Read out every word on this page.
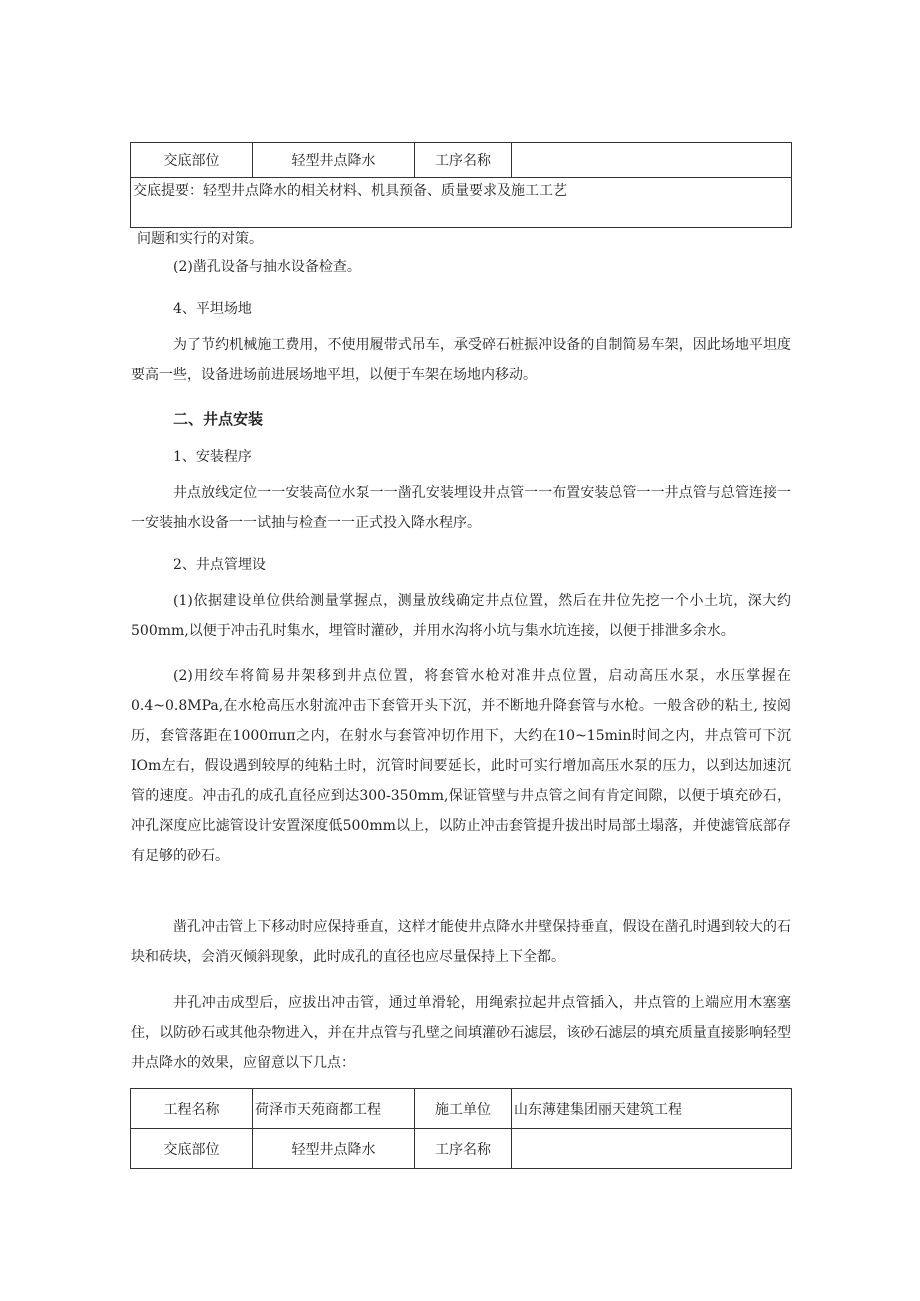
交底部位	轻型井点降水	工序名称	
交底提要：轻型井点降水的相关材料、机具预备、质量要求及施工工艺

问题和实行的对策。

(2)凿孔设备与抽水设备检查。

4、平坦场地

为了节约机械施工费用，不使用履带式吊车，承受碎石桩振冲设备的自制简易车架，因此场地平坦度要高一些，设备进场前进展场地平坦，以便于车架在场地内移动。

二、井点安装

1、安装程序

井点放线定位一一安装高位水泵一一凿孔安装埋设井点管一一布置安装总管一一井点管与总管连接一一安装抽水设备一一试抽与检查一一正式投入降水程序。

2、井点管埋设

(1)依据建设单位供给测量掌握点，测量放线确定井点位置，然后在井位先挖一个小土坑，深大约500mm,以便于冲击孔时集水，埋管时灌砂，并用水沟将小坑与集水坑连接，以便于排泄多余水。

(2)用绞车将简易井架移到井点位置，将套管水枪对准井点位置，启动高压水泵，水压掌握在0.4~0.8MPa,在水枪高压水射流冲击下套管开头下沉，并不断地升降套管与水枪。一般含砂的粘土, 按阅历，套管落距在1000πuπ之内，在射水与套管冲切作用下，大约在10~15min时间之内，井点管可下沉IOm左右，假设遇到较厚的纯粘土时，沉管时间要延长，此时可实行增加高压水泵的压力，以到达加速沉管的速度。冲击孔的成孔直径应到达300-350mm,保证管壁与井点管之间有肯定间隙，以便于填充砂石，冲孔深度应比滤管设计安置深度低500mm以上，以防止冲击套管提升拔出时局部土塌落，并使滤管底部存有足够的砂石。

凿孔冲击管上下移动时应保持垂直，这样才能使井点降水井壁保持垂直，假设在凿孔时遇到较大的石块和砖块，会消灭倾斜现象，此时成孔的直径也应尽量保持上下全都。

井孔冲击成型后，应拔出冲击管，通过单滑轮，用绳索拉起井点管插入，井点管的上端应用木塞塞住，以防砂石或其他杂物进入，并在井点管与孔壁之间填灌砂石滤层，该砂石滤层的填充质量直接影响轻型井点降水的效果，应留意以下几点：

工程名称	荷泽市天苑商都工程	施工单位	山东薄建集团丽天建筑工程
交底部位	轻型井点降水	工序名称	
